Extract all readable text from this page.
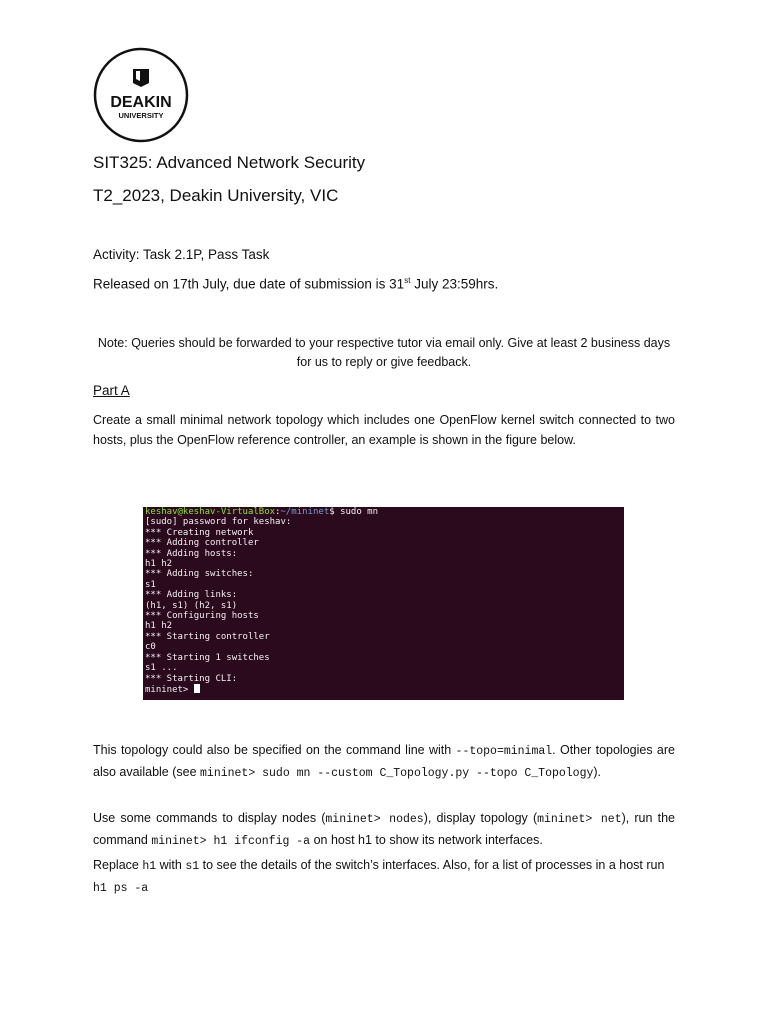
DEAKIN
UNIVERSITY
SIT325: Advanced Network Security
T2_2023, Deakin University, VIC
Activity: Task 2.1P, Pass Task
Released on 17th July, due date of submission is 31st July 23:59hrs.
Note: Queries should be forwarded to your respective tutor via email only. Give at least 2 business days for us to reply or give feedback.
Part A
Create a small minimal network topology which includes one OpenFlow kernel switch connected to two hosts, plus the OpenFlow reference controller, an example is shown in the figure below.
keshav@keshav-VirtualBox:~/mininet$ sudo mn
[sudo] password for keshav:
*** Creating network
*** Adding controller
*** Adding hosts:
h1 h2
*** Adding switches:
s1
*** Adding links:
(h1, s1) (h2, s1)
*** Configuring hosts
h1 h2
*** Starting controller
c0
*** Starting 1 switches
s1 ...
*** Starting CLI:
mininet>
This topology could also be specified on the command line with --topo=minimal. Other topologies are also available (see mininet> sudo mn --custom C_Topology.py --topo C_Topology).
Use some commands to display nodes (mininet> nodes), display topology (mininet> net), run the command mininet> h1 ifconfig -a on host h1 to show its network interfaces.
Replace h1 with s1 to see the details of the switch’s interfaces. Also, for a list of processes in a host run h1 ps -a
